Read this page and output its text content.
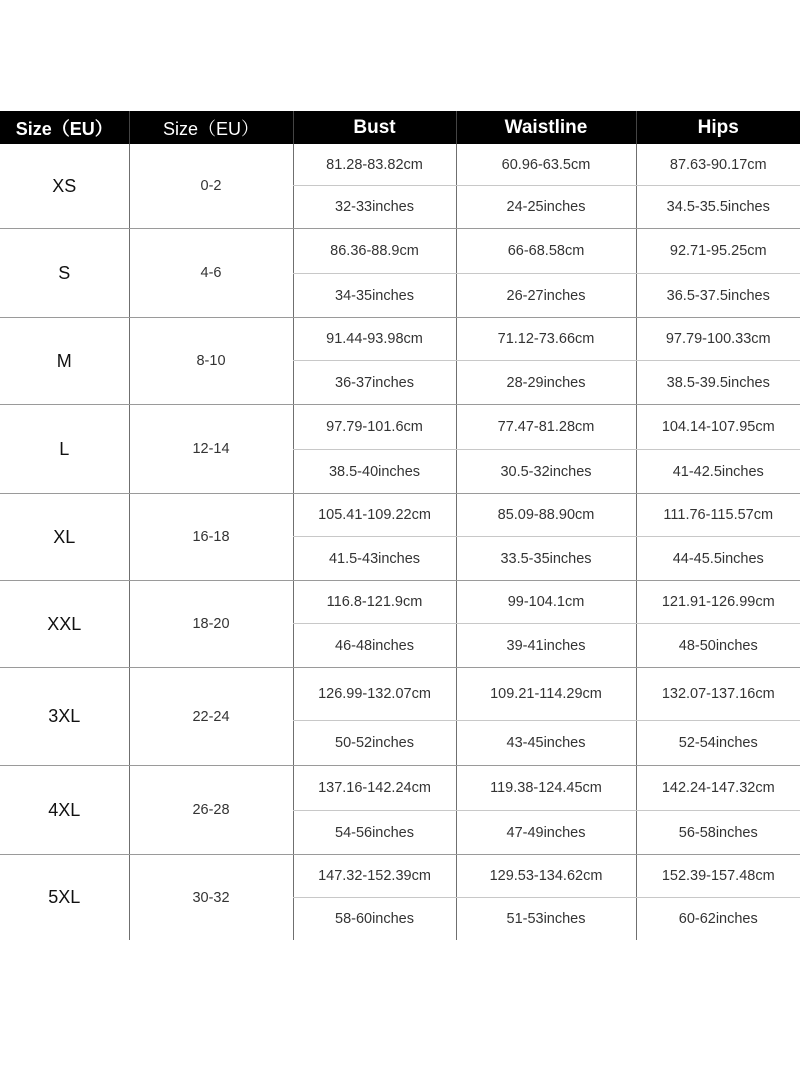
Size（EU）	Size（EU）	Bust	Waistline	Hips
XS	0-2	81.28-83.82cm	60.96-63.5cm	87.63-90.17cm
		32-33inches	24-25inches	34.5-35.5inches
S	4-6	86.36-88.9cm	66-68.58cm	92.71-95.25cm
		34-35inches	26-27inches	36.5-37.5inches
M	8-10	91.44-93.98cm	71.12-73.66cm	97.79-100.33cm
		36-37inches	28-29inches	38.5-39.5inches
L	12-14	97.79-101.6cm	77.47-81.28cm	104.14-107.95cm
		38.5-40inches	30.5-32inches	41-42.5inches
XL	16-18	105.41-109.22cm	85.09-88.90cm	111.76-115.57cm
		41.5-43inches	33.5-35inches	44-45.5inches
XXL	18-20	116.8-121.9cm	99-104.1cm	121.91-126.99cm
		46-48inches	39-41inches	48-50inches
3XL	22-24	126.99-132.07cm	109.21-114.29cm	132.07-137.16cm
		50-52inches	43-45inches	52-54inches
4XL	26-28	137.16-142.24cm	119.38-124.45cm	142.24-147.32cm
		54-56inches	47-49inches	56-58inches
5XL	30-32	147.32-152.39cm	129.53-134.62cm	152.39-157.48cm
		58-60inches	51-53inches	60-62inches
